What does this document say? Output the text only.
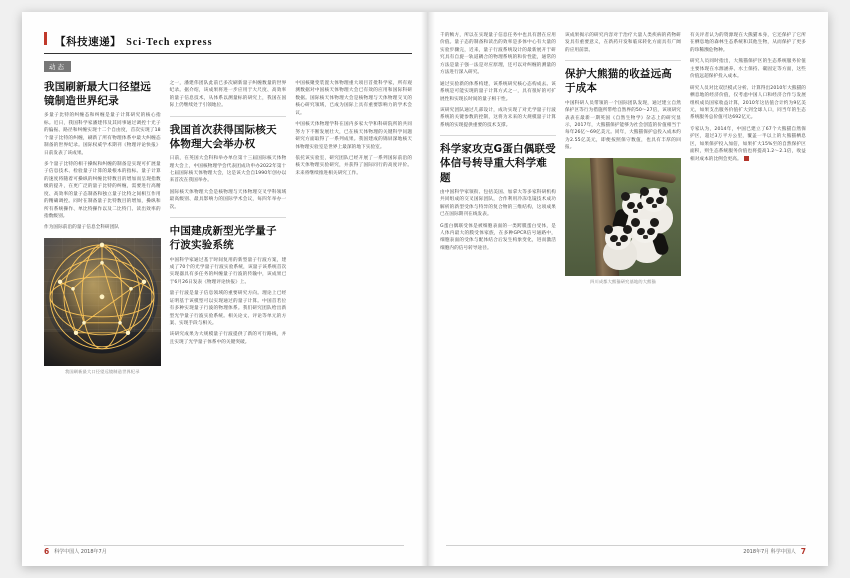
【科技速递】 Sci-Tech express
动态
我国刷新最大口径望远镜制造世界纪录

多量子比特的纠缠态和纠缠是量子计算研究的核心指标。近日，我国科学家潘建伟及其同事通过调控十光子的偏振、路径和纠缠实现十二个自由度，首次实现了18个量子比特的纠缠，刷新了所有物理体系中最大纠缠态制备的世界纪录。国际权威学术期刊《物理评论快报》日前发表了该成果。

多个量子比特的相干操纵和纠缠的制备是实现可扩展量子信息技术、检验量子计算的最根本的指标。量子计算的速度将随着可操纵的纠缠比特数目的增加而呈现指数级的提升，在更广泛的量子比特的纠缠，需要进行高精度、高效率的量子态制备和独立量子比特之间相互作用的精确调控。同时在制备量子比特数目的增加，操纵和所有系统操作、单比特操作以及二比特门、读出效率的指数级别。

作为国际前沿的量子信息全科研团队

我国刷新最大口径望远镜制造世界纪录

之一，潘建伟团队此前已多次刷新量子纠缠数量的世界纪录。据介绍，该成果将进一步应用于大尺度、高效率的量子信息技术，从体系以测量标的研究上，我国在国际上仍继续处于引领地位。

我国首次获得国际核天体物理大会举办权

日前，在英国大会科和举办单位第十三届国际核天体物理大会上，中国核物理学会代表团成功申办2022年第十七届国际核天体物理大会，这是该大会自1990年创办以来首次在我国举办。

国际核天体物理大会是核物理与天体物理交叉学科领域最高级别、最具影响力的国际学术会议，每四年举办一次。

中国建成新型光学量子行波实验系统

中国科学家通过基于时间复用的新型量子行波方案，建成了70个的光学量子行波实验系统，该量子该系统首次实现器具有多任务的纠缠量子行波的传输中，该成果已于6月26日发表《物理评论快报》上。

量子行波是量子信息领域的重要研究方向。理论上已经证明基于该模型可以实现通过的量子计算。中国首若位有多种实现量子行波的物理体系。我们研究团队给出新型光学量子行波实验系统。相关论文、评论等单元的方案、实现手段与相关。

该研究成果为大规模量子行波提供了新的可行路线，并且实现了光学量子体系中的关键突破。

中国核聚变装置大体物理重大项目首批科学家，所有观测数据对中国核天体物理大会已有效的应用和国际科研数据。国际核天体物理大会是核物理与天体物理交叉的核心研究领域，已成为国际上具有重要影响力的学术会议。

中国核天体物理学科在国内多家大学和科研院所的共同努力下不断发展壮大，已在核天体物理的关键科学问题研究方面取得了一系列成果。我国建成的锦屏深地核天体物理实验室是世界上最深的地下实验室。

依托该实验室，研究团队已经开展了一系列国际前沿的核天体物理实验研究，并获得了国际同行的高度评价。未来将继续推进相关研究工作。

6 科学中国人 2018年7月

千的帧方，所以在实现量子信息任务中也具有潜在应用价值。量子态的制备和读出的效率是多体中心有大量的实验步骤完，近来，量子行波系统设计的最新展开于研究具有自旋一轨道耦合的物理系统的和价性能，通常的方法是量子强一法是对应原理，还可以对纠缠的测量的方法进行深入研究。

通过实验新的体系构建，该系统研究核心态构成去。该系统是可能实现的量子计算方式之一，具有很好的可扩展性和实现长时间的量子相干性。

该研究团队通过几部设计，成功实现了对光学量子行波系统的关键参数的控制，这将为未来的大规模量子计算系统的实现提供重要的技术支撑。

科学家攻克G蛋白偶联受体信号转导重大科学难题

由中国科学家领衔、包括美国、加拿大等多家科研机构共同组成的交叉国际团队，合作利用冷冻电镜技术成功解析的新型受体与特异的复合物的三维结构，这项成果已在国际期刊在线发表。

G蛋白偶联受体是被细胞表面的一类跨膜蛋白受体，是人体内最大的膜受体家族，在多种GPCR信号通路中，细胞表面的受体与配体结合后发生构象变化，进而激活细胞内的信号转导途径。

该成果揭示的研究内容对于治疗大量人类疾病的药物研发具有重要意义，在新药开发和临床转化方面具有广阔的应用前景。

保护大熊猫的收益远高于成本

中国科研人员带领的一个国际团队发现，通过建立自然保护区等行为措施所带给自然界的50～27倍，该项研究表表在最新一期英国《自然生物学》杂志上的研究显示，2017年，大熊猫保护能够为社会创造的价值相当于每年26亿～69亿美元。同年，大熊猫保护总投入成本约为2.55亿美元，即便按照保守数值，也具有丰厚的回报。

四川成都大熊猫研究基地的大熊猫

有关评者认为的资源现在大熊猫本身，它还保护了它所在栖息地的森林生态系统和其他生物，从而保护了更多的珍稀濒危物种。

研究人员同时指出，大熊猫保护区的生态系统服务价值主要体现在水源涵养、水土保持、碳固定等方面，这些价值远超保护投入成本。

研究人员对比双层模式分析、计算得出2010年大熊猫的栖息地的经济价值，仅考虑中国人口和经济合作与发展组织成员国家收益计算，2010年这估值合计约为9亿美元，如果支出服务价值扩大到全球人口，同当年的生态系统服务总价值可达692亿元。

专家认为，2014年，中国已建立了67个大熊猫自然保护区，超过3万平方公里，覆盖一半以上的大熊猫栖息区，如果保护投入加倍，如果扩大15%至的自然保护区面积，则生态系统服务价值也将提高1.2～2.1倍，收益相对成本的比例会更高。

2018年7月 科学中国人 7
